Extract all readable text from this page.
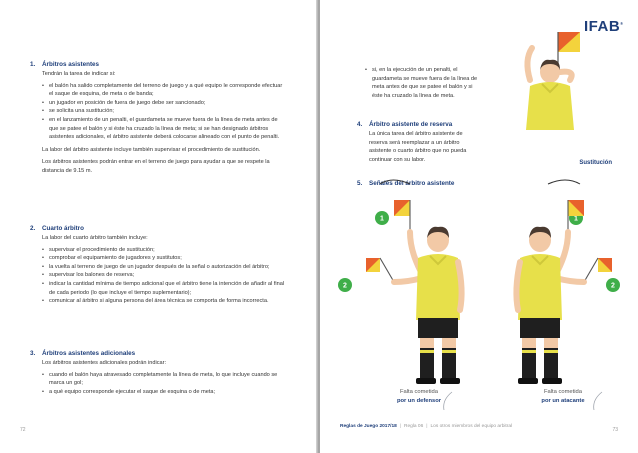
1. Árbitros asistentes
Tendrán la tarea de indicar si:
• el balón ha salido completamente del terreno de juego y a qué equipo le corresponde efectuar el saque de esquina, de meta o de banda;
• un jugador en posición de fuera de juego debe ser sancionado;
• se solicita una sustitución;
• en el lanzamiento de un penalti, el guardameta se mueve fuera de la línea de meta antes de que se patee el balón y si éste ha cruzado la línea de meta; si se han designado árbitros asistentes adicionales, el árbitro asistente deberá colocarse alineado con el punto de penalti.
La labor del árbitro asistente incluye también supervisar el procedimiento de sustitución.
Los árbitros asistentes podrán entrar en el terreno de juego para ayudar a que se respete la distancia de 9.15 m.
2. Cuarto árbitro
La labor del cuarto árbitro también incluye:
• supervisar el procedimiento de sustitución;
• comprobar el equipamiento de jugadores y sustitutos;
• la vuelta al terreno de juego de un jugador después de la señal o autorización del árbitro;
• supervisar los balones de reserva;
• indicar la cantidad mínima de tiempo adicional que el árbitro tiene la intención de añadir al final de cada periodo (lo que incluye el tiempo suplementario);
• comunicar al árbitro si alguna persona del área técnica se comporta de forma incorrecta.
3. Árbitros asistentes adicionales
Los árbitros asistentes adicionales podrán indicar:
• cuando el balón haya atravesado completamente la línea de meta, lo que incluye cuando se marca un gol;
• a qué equipo corresponde ejecutar el saque de esquina o de meta;
72
IFAB®
• si, en la ejecución de un penalti, el guardameta se mueve fuera de la línea de meta antes de que se patee el balón y si éste ha cruzado la línea de meta.
4. Árbitro asistente de reserva
La única tarea del árbitro asistente de reserva será reemplazar a un árbitro asistente o cuarto árbitro que no pueda continuar con su labor.
5. Señales del árbitro asistente
Sustitución
1
2
1
2
Falta cometida
por un defensor
Falta cometida
por un atacante
Reglas de Juego 2017/18 | Regla 06 | Los otros miembros del equipo arbitral
73
